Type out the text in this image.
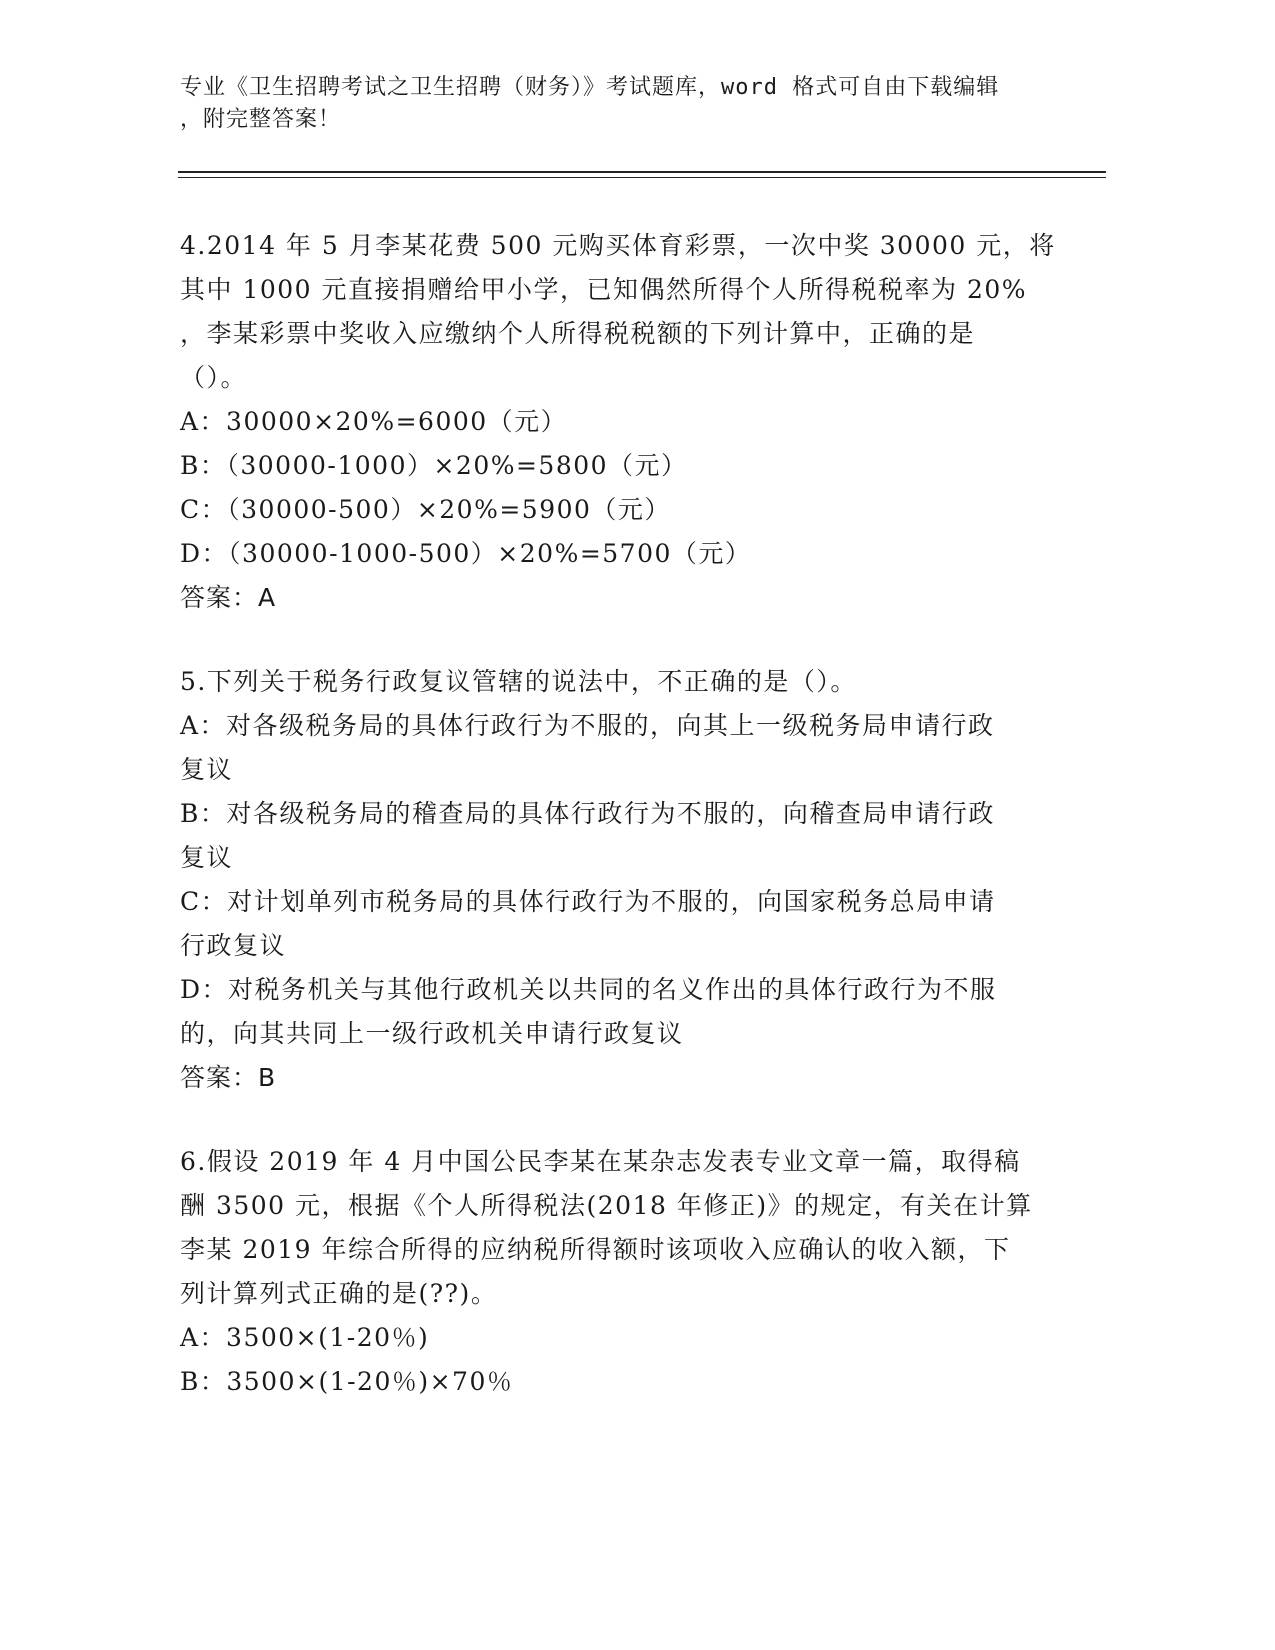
专业《卫生招聘考试之卫生招聘（财务）》考试题库，word 格式可自由下载编辑
，附完整答案！
4.2014 年 5 月李某花费 500 元购买体育彩票，一次中奖 30000 元，将
其中 1000 元直接捐赠给甲小学，已知偶然所得个人所得税税率为 20%
，李某彩票中奖收入应缴纳个人所得税税额的下列计算中，正确的是
（）。
A：30000×20%=6000（元）
B：（30000-1000）×20%=5800（元）
C：（30000-500）×20%=5900（元）
D：（30000-1000-500）×20%=5700（元）
答案：A
5.下列关于税务行政复议管辖的说法中，不正确的是（）。
A：对各级税务局的具体行政行为不服的，向其上一级税务局申请行政
复议
B：对各级税务局的稽查局的具体行政行为不服的，向稽查局申请行政
复议
C：对计划单列市税务局的具体行政行为不服的，向国家税务总局申请
行政复议
D：对税务机关与其他行政机关以共同的名义作出的具体行政行为不服
的，向其共同上一级行政机关申请行政复议
答案：B
6.假设 2019 年 4 月中国公民李某在某杂志发表专业文章一篇，取得稿
酬 3500 元，根据《个人所得税法(2018 年修正)》的规定，有关在计算
李某 2019 年综合所得的应纳税所得额时该项收入应确认的收入额，下
列计算列式正确的是(??)。
A：3500×(1-20％)
B：3500×(1-20％)×70％
